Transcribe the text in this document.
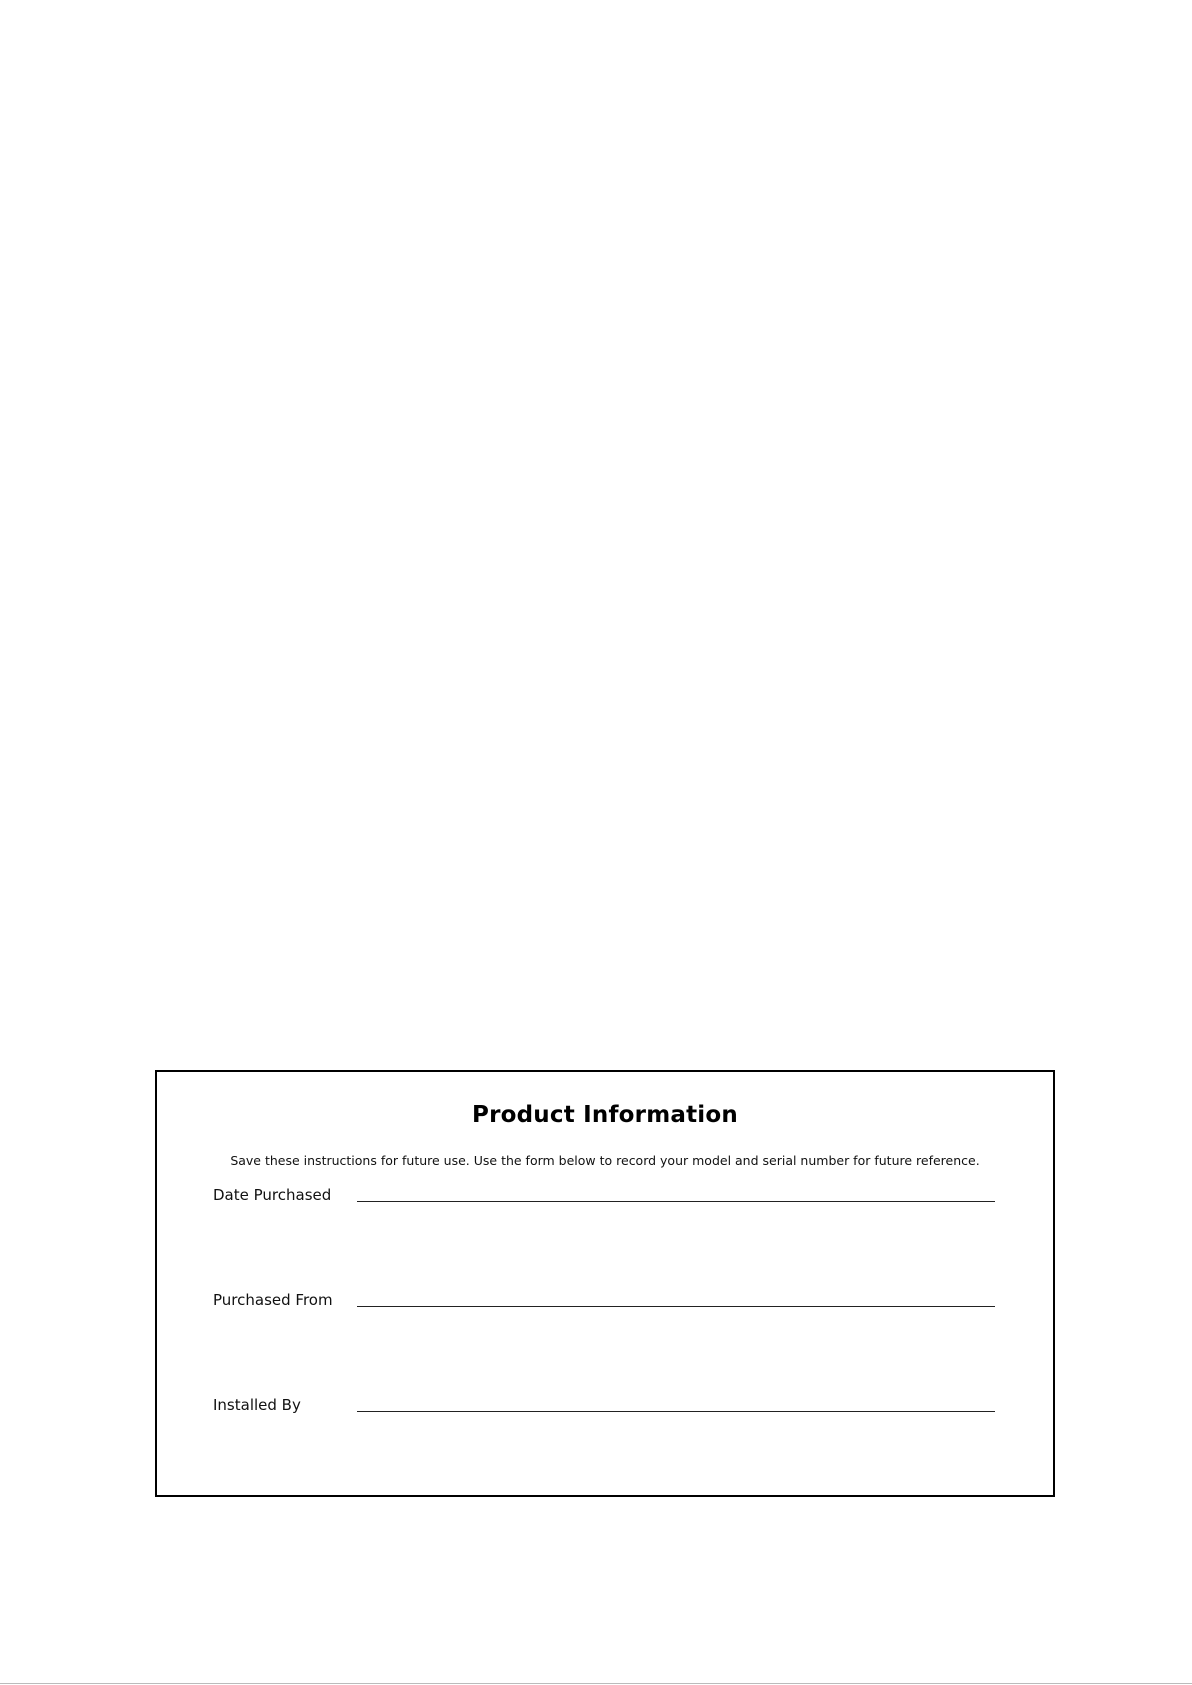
Product Information
Save these instructions for future use. Use the form below to record your model and serial number for future reference.
Date Purchased
Purchased From
Installed By
